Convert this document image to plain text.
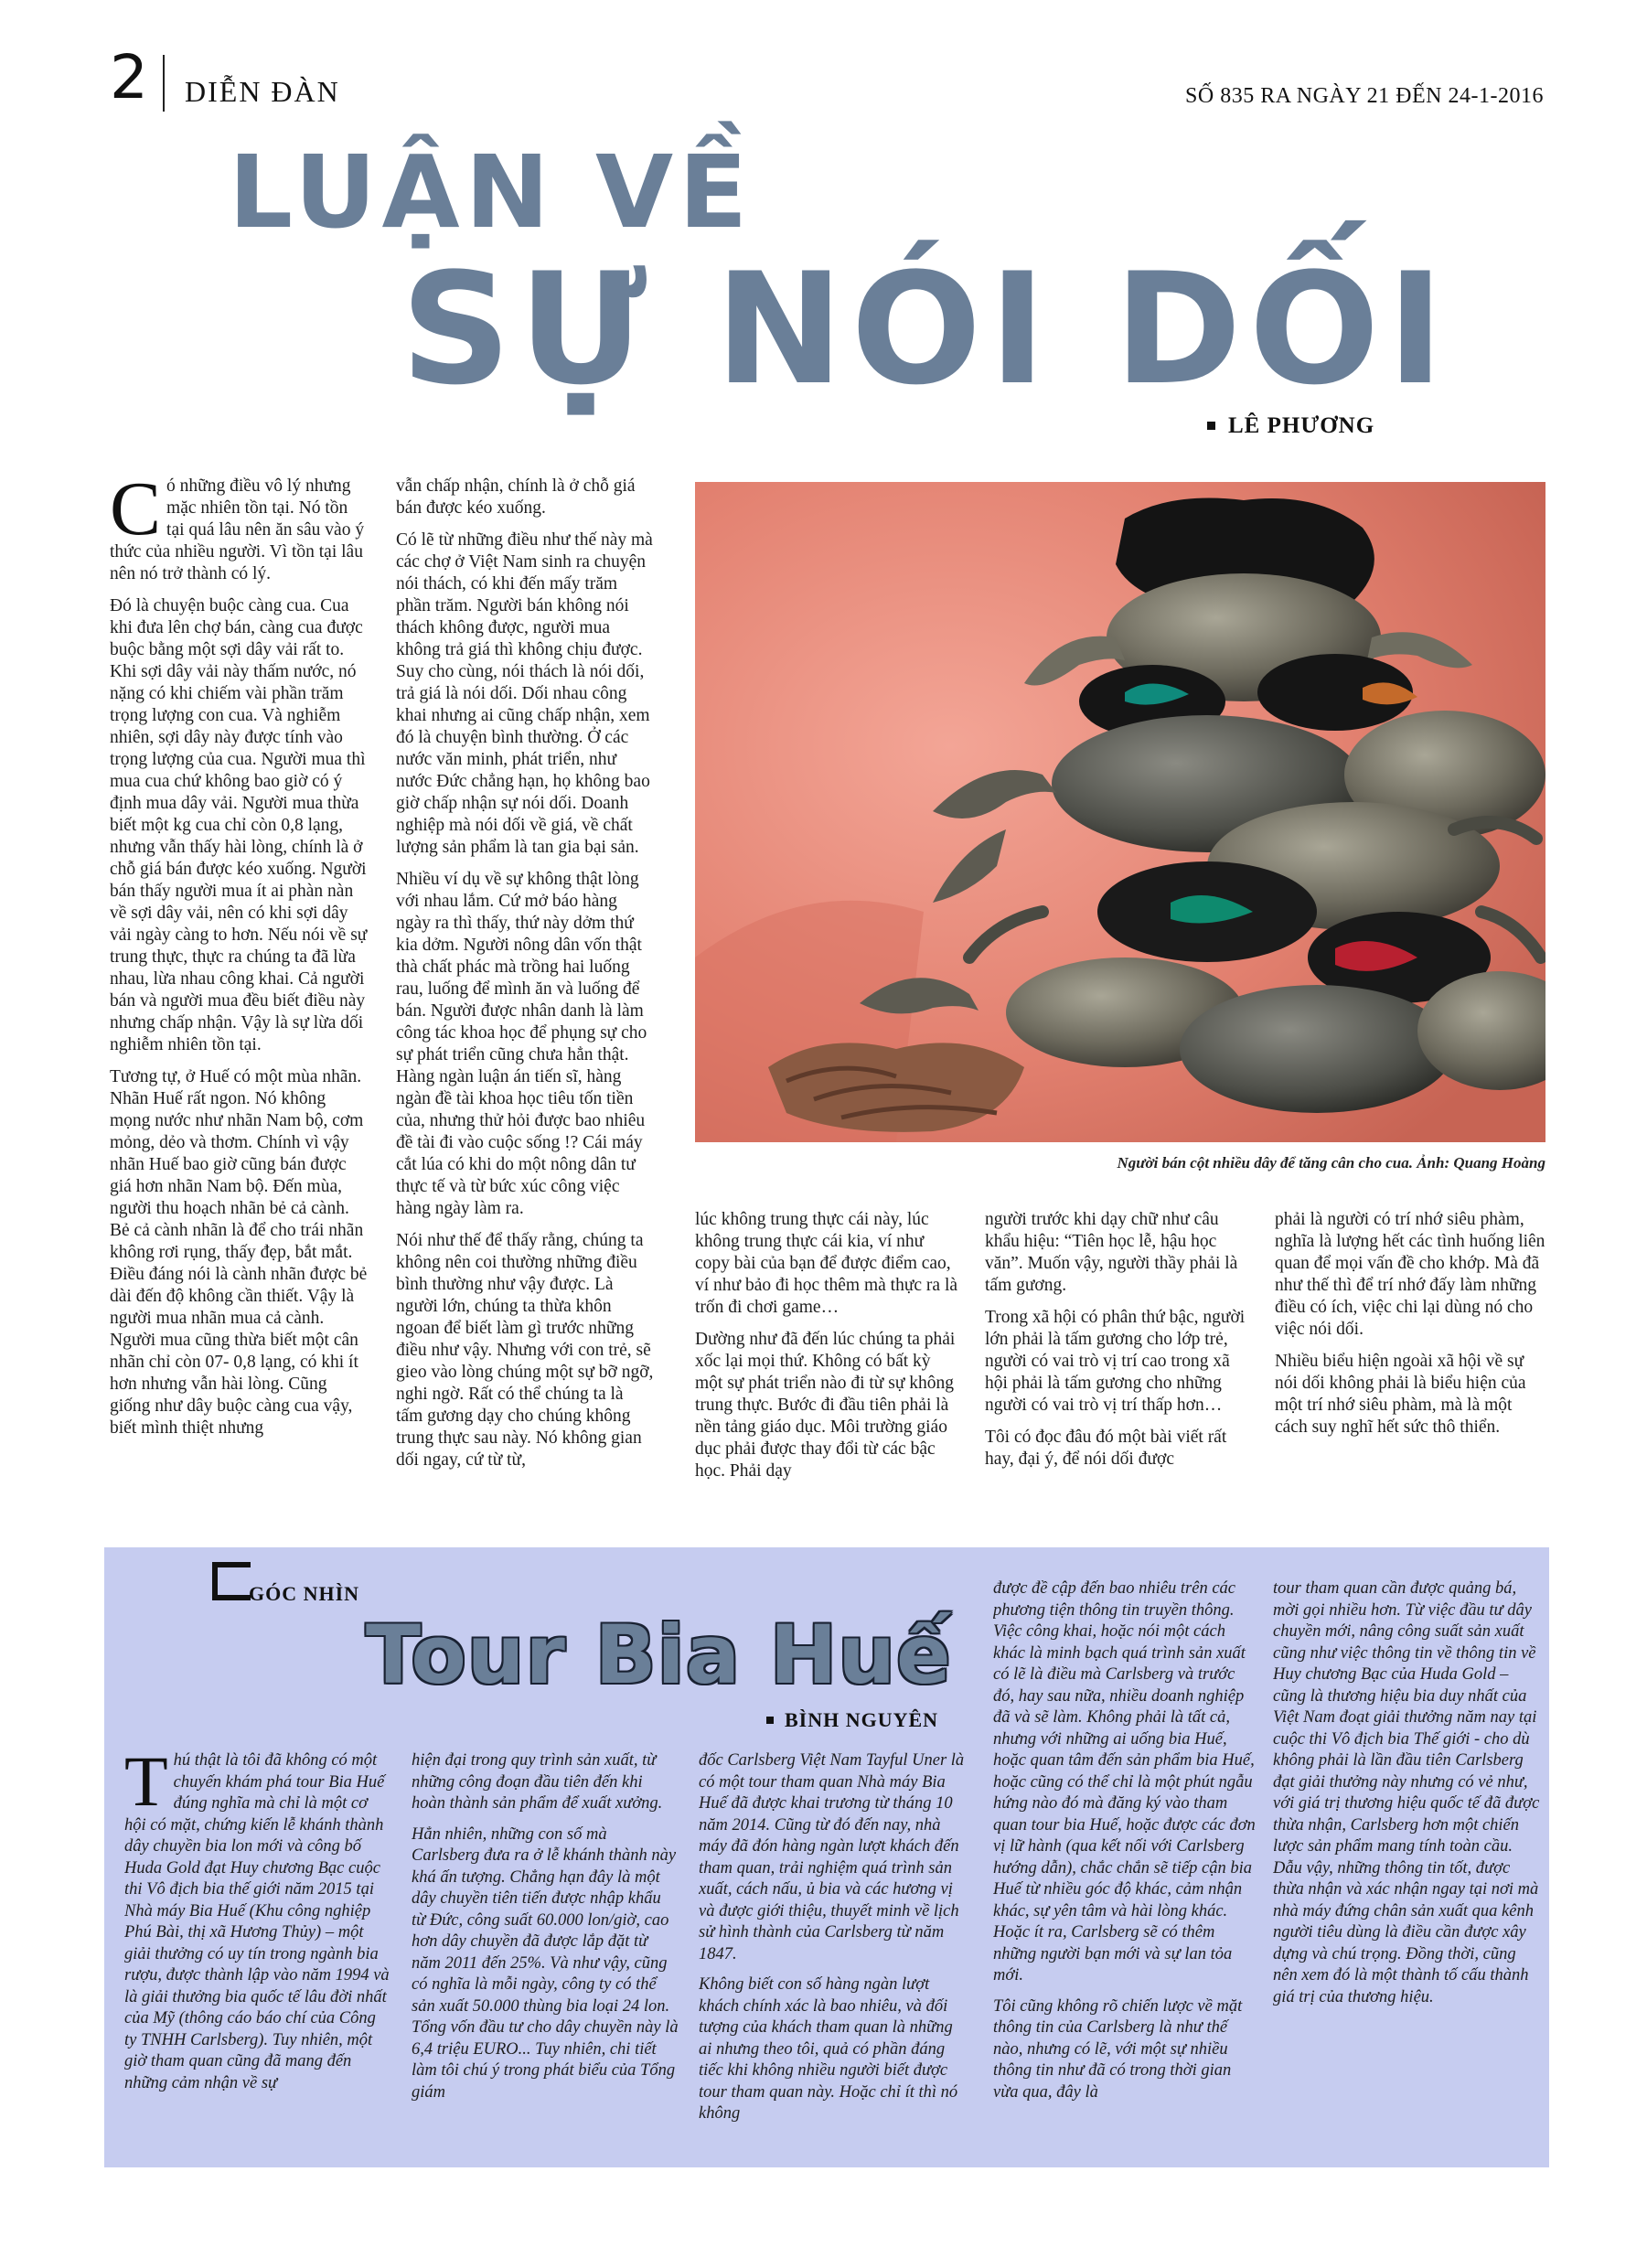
2 DIỄN ĐÀN	SỐ 835 RA NGÀY 21 ĐẾN 24-1-2016
LUẬN VỀ
SỰ NÓI DỐI
LÊ PHƯƠNG

Có những điều vô lý nhưng mặc nhiên tồn tại. Nó tồn tại quá lâu nên ăn sâu vào ý thức của nhiều người. Vì tồn tại lâu nên nó trở thành có lý.

Đó là chuyện buộc càng cua. Cua khi đưa lên chợ bán, càng cua được buộc bằng một sợi dây vải rất to. Khi sợi dây vải này thấm nước, nó nặng có khi chiếm vài phần trăm trọng lượng con cua. Và nghiễm nhiên, sợi dây này được tính vào trọng lượng của cua. Người mua thì mua cua chứ không bao giờ có ý định mua dây vải. Người mua thừa biết một kg cua chỉ còn 0,8 lạng, nhưng vẫn thấy hài lòng, chính là ở chỗ giá bán được kéo xuống. Người bán thấy người mua ít ai phàn nàn về sợi dây vải, nên có khi sợi dây vải ngày càng to hơn. Nếu nói về sự trung thực, thực ra chúng ta đã lừa nhau, lừa nhau công khai. Cả người bán và người mua đều biết điều này nhưng chấp nhận. Vậy là sự lừa dối nghiễm nhiên tồn tại.

Tương tự, ở Huế có một mùa nhãn. Nhãn Huế rất ngon. Nó không mọng nước như nhãn Nam bộ, cơm mỏng, dẻo và thơm. Chính vì vậy nhãn Huế bao giờ cũng bán được giá hơn nhãn Nam bộ. Đến mùa, người thu hoạch nhãn bẻ cả cành. Bẻ cả cành nhãn là để cho trái nhãn không rơi rụng, thấy đẹp, bắt mắt. Điều đáng nói là cành nhãn được bẻ dài đến độ không cần thiết. Vậy là người mua nhãn mua cả cành. Người mua cũng thừa biết một cân nhãn chỉ còn 07- 0,8 lạng, có khi ít hơn nhưng vẫn hài lòng. Cũng giống như dây buộc càng cua vậy, biết mình thiệt nhưng

vẫn chấp nhận, chính là ở chỗ giá bán được kéo xuống.

Có lẽ từ những điều như thế này mà các chợ ở Việt Nam sinh ra chuyện nói thách, có khi đến mấy trăm phần trăm. Người bán không nói thách không được, người mua không trả giá thì không chịu được. Suy cho cùng, nói thách là nói dối, trả giá là nói dối. Dối nhau công khai nhưng ai cũng chấp nhận, xem đó là chuyện bình thường. Ở các nước văn minh, phát triển, như nước Đức chẳng hạn, họ không bao giờ chấp nhận sự nói dối. Doanh nghiệp mà nói dối về giá, về chất lượng sản phẩm là tan gia bại sản.

Nhiều ví dụ về sự không thật lòng với nhau lắm. Cứ mở báo hàng ngày ra thì thấy, thứ này dởm thứ kia dởm. Người nông dân vốn thật thà chất phác mà trồng hai luống rau, luống để mình ăn và luống để bán. Người được nhân danh là làm công tác khoa học để phụng sự cho sự phát triển cũng chưa hẳn thật. Hàng ngàn luận án tiến sĩ, hàng ngàn đề tài khoa học tiêu tốn tiền của, nhưng thử hỏi được bao nhiêu đề tài đi vào cuộc sống !? Cái máy cắt lúa có khi do một nông dân tư thực tế và từ bức xúc công việc hàng ngày làm ra.

Nói như thế để thấy rằng, chúng ta không nên coi thường những điều bình thường như vậy được. Là người lớn, chúng ta thừa khôn ngoan để biết làm gì trước những điều như vậy. Nhưng với con trẻ, sẽ gieo vào lòng chúng một sự bỡ ngỡ, nghi ngờ. Rất có thể chúng ta là tấm gương dạy cho chúng không trung thực sau này. Nó không gian dối ngay, cứ từ từ,

Người bán cột nhiều dây để tăng cân cho cua. Ảnh: Quang Hoàng

lúc không trung thực cái này, lúc không trung thực cái kia, ví như copy bài của bạn để được điểm cao, ví như bảo đi học thêm mà thực ra là trốn đi chơi game…

Dường như đã đến lúc chúng ta phải xốc lại mọi thứ. Không có bất kỳ một sự phát triển nào đi từ sự không trung thực. Bước đi đầu tiên phải là nền tảng giáo dục. Môi trường giáo dục phải được thay đổi từ các bậc học. Phải dạy

người trước khi dạy chữ như câu khẩu hiệu: “Tiên học lễ, hậu học văn”. Muốn vậy, người thầy phải là tấm gương.

Trong xã hội có phân thứ bậc, người lớn phải là tấm gương cho lớp trẻ, người có vai trò vị trí cao trong xã hội phải là tấm gương cho những người có vai trò vị trí thấp hơn…

Tôi có đọc đâu đó một bài viết rất hay, đại ý, để nói dối được

phải là người có trí nhớ siêu phàm, nghĩa là lượng hết các tình huống liên quan để mọi vấn đề cho khớp. Mà đã như thế thì để trí nhớ đấy làm những điều có ích, việc chi lại dùng nó cho việc nói dối.

Nhiều biểu hiện ngoài xã hội về sự nói dối không phải là biểu hiện của một trí nhớ siêu phàm, mà là một cách suy nghĩ hết sức thô thiển.

GÓC NHÌN
Tour Bia Huế
BÌNH NGUYÊN

Thú thật là tôi đã không có một chuyến khám phá tour Bia Huế đúng nghĩa mà chỉ là một cơ hội có mặt, chứng kiến lễ khánh thành dây chuyền bia lon mới và công bố Huda Gold đạt Huy chương Bạc cuộc thi Vô địch bia thế giới năm 2015 tại Nhà máy Bia Huế (Khu công nghiệp Phú Bài, thị xã Hương Thủy) – một giải thưởng có uy tín trong ngành bia rượu, được thành lập vào năm 1994 và là giải thưởng bia quốc tế lâu đời nhất của Mỹ (thông cáo báo chí của Công ty TNHH Carlsberg). Tuy nhiên, một giờ tham quan cũng đã mang đến những cảm nhận về sự

hiện đại trong quy trình sản xuất, từ những công đoạn đầu tiên đến khi hoàn thành sản phẩm để xuất xưởng.

Hẳn nhiên, những con số mà Carlsberg đưa ra ở lễ khánh thành này khá ấn tượng. Chẳng hạn đây là một dây chuyền tiên tiến được nhập khẩu từ Đức, công suất 60.000 lon/giờ, cao hơn dây chuyền đã được lắp đặt từ năm 2011 đến 25%. Và như vậy, cũng có nghĩa là mỗi ngày, công ty có thể sản xuất 50.000 thùng bia loại 24 lon. Tổng vốn đầu tư cho dây chuyền này là 6,4 triệu EURO... Tuy nhiên, chi tiết làm tôi chú ý trong phát biểu của Tổng giám

đốc Carlsberg Việt Nam Tayful Uner là có một tour tham quan Nhà máy Bia Huế đã được khai trương từ tháng 10 năm 2014. Cũng từ đó đến nay, nhà máy đã đón hàng ngàn lượt khách đến tham quan, trải nghiệm quá trình sản xuất, cách nấu, ủ bia và các hương vị và được giới thiệu, thuyết minh về lịch sử hình thành của Carlsberg từ năm 1847.

Không biết con số hàng ngàn lượt khách chính xác là bao nhiêu, và đối tượng của khách tham quan là những ai nhưng theo tôi, quả có phần đáng tiếc khi không nhiều người biết được tour tham quan này. Hoặc chỉ ít thì nó không

được đề cập đến bao nhiêu trên các phương tiện thông tin truyền thông. Việc công khai, hoặc nói một cách khác là minh bạch quá trình sản xuất có lẽ là điều mà Carlsberg và trước đó, hay sau nữa, nhiều doanh nghiệp đã và sẽ làm. Không phải là tất cả, nhưng với những ai uống bia Huế, hoặc quan tâm đến sản phẩm bia Huế, hoặc cũng có thể chỉ là một phút ngẫu hứng nào đó mà đăng ký vào tham quan tour bia Huế, hoặc được các đơn vị lữ hành (qua kết nối với Carlsberg hướng dẫn), chắc chắn sẽ tiếp cận bia Huế từ nhiều góc độ khác, cảm nhận khác, sự yên tâm và hài lòng khác. Hoặc ít ra, Carlsberg sẽ có thêm những người bạn mới và sự lan tỏa mới.

Tôi cũng không rõ chiến lược về mặt thông tin của Carlsberg là như thế nào, nhưng có lẽ, với một sự nhiều thông tin như đã có trong thời gian vừa qua, đây là

tour tham quan cần được quảng bá, mời gọi nhiều hơn. Từ việc đầu tư dây chuyền mới, nâng công suất sản xuất cũng như việc thông tin về thông tin về Huy chương Bạc của Huda Gold – cũng là thương hiệu bia duy nhất của Việt Nam đoạt giải thưởng năm nay tại cuộc thi Vô địch bia Thế giới - cho dù không phải là lần đầu tiên Carlsberg đạt giải thưởng này nhưng có vẻ như, với giá trị thương hiệu quốc tế đã được thừa nhận, Carlsberg hơn một chiến lược sản phẩm mang tính toàn cầu. Dẫu vậy, những thông tin tốt, được thừa nhận và xác nhận ngay tại nơi mà nhà máy đứng chân sản xuất qua kênh người tiêu dùng là điều cần được xây dựng và chú trọng. Đồng thời, cũng nên xem đó là một thành tố cấu thành giá trị của thương hiệu.
